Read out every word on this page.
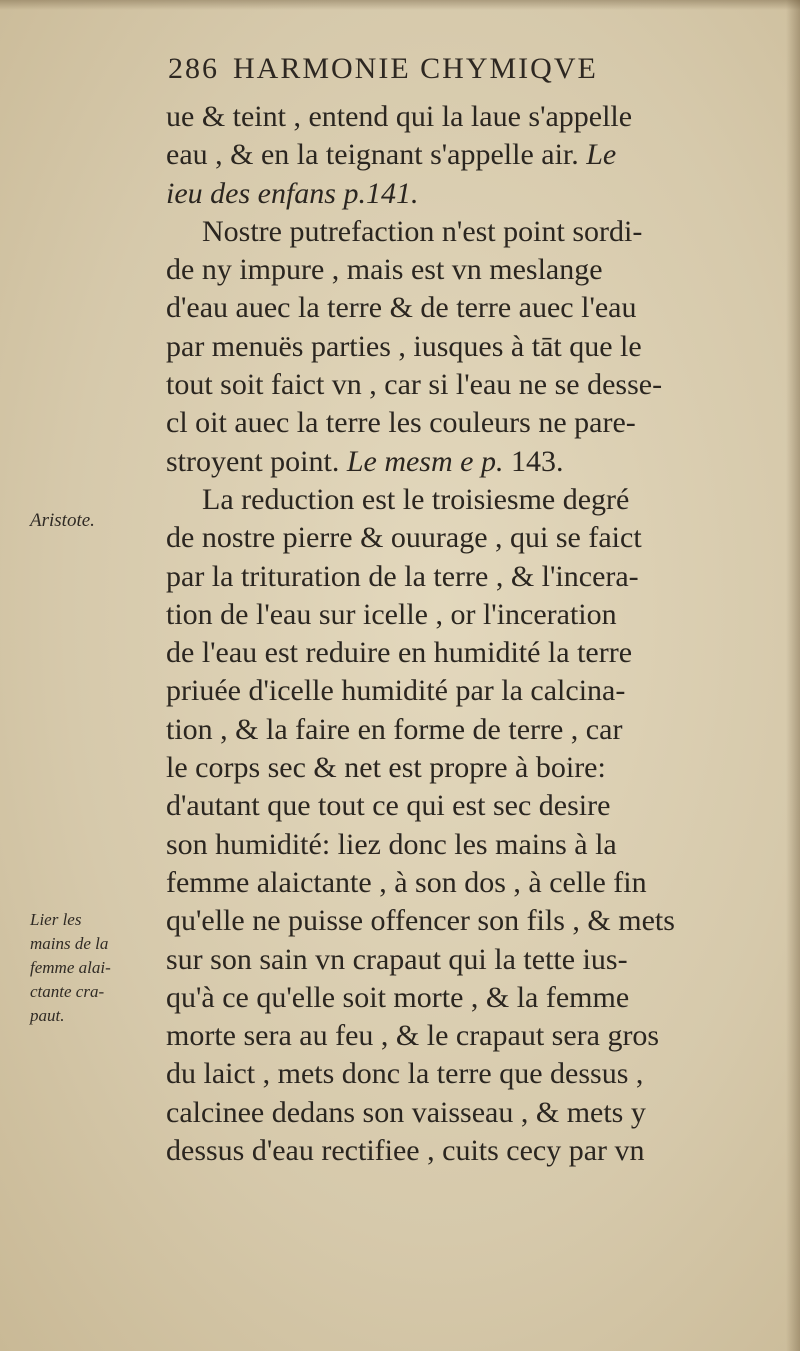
286 HARMONIE CHYMIQVE
ue & teint , entend qui la laue s'appelle
eau , & en la teignant s'appelle air. Le
ieu des enfans p.141.
Nostre putrefaction n'est point sordi-
de ny impure , mais est vn meslange
d'eau auec la terre & de terre auec l'eau
par menuës parties , iusques à tāt que le
tout soit faict vn , car si l'eau ne se desse-
cl oit auec la terre les couleurs ne pare-
stroyent point. Le mesm e p. 143.
La reduction est le troisiesme degré
de nostre pierre & ouurage , qui se faict
par la trituration de la terre , & l'incera-
tion de l'eau sur icelle , or l'inceration
de l'eau est reduire en humidité la terre
priuée d'icelle humidité par la calcina-
tion , & la faire en forme de terre , car
le corps sec & net est propre à boire:
d'autant que tout ce qui est sec desire
son humidité: liez donc les mains à la
femme alaictante , à son dos , à celle fin
qu'elle ne puisse offencer son fils , & mets
sur son sain vn crapaut qui la tette ius-
qu'à ce qu'elle soit morte , & la femme
morte sera au feu , & le crapaut sera gros
du laict , mets donc la terre que dessus ,
calcinee dedans son vaisseau , & mets y
dessus d'eau rectifiee , cuits cecy par vn
Aristote.
Lier les
mains de la
femme alai-
ctante cra-
paut.
